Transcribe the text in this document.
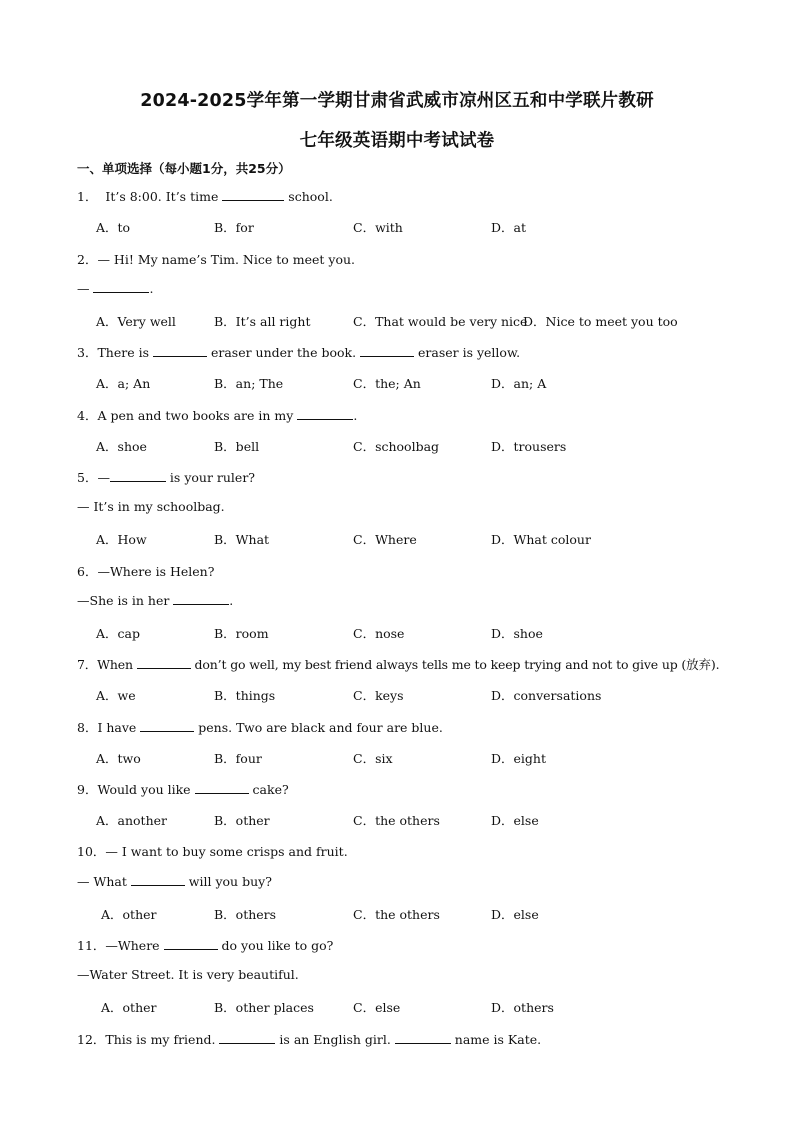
2024-2025学年第一学期甘肃省武威市凉州区五和中学联片教研
七年级英语期中考试试卷
一、单项选择（每小题1分，共25分）
1． It’s 8:00. It’s time	school.
A．to	B．for	C．with	D．at
2．— Hi! My name’s Tim. Nice to meet you.
—	.
A．Very well	B．It’s all right	C．That would be very nice
D．Nice to meet you too
3．There is	eraser under the book.	eraser is yellow.
A．a; An	B．an; The	C．the; An	D．an; A
4．A pen and two books are in my	.
A．shoe	B．bell	C．schoolbag	D．trousers
5．—	is your ruler?
— It’s in my schoolbag.
A．How	B．What	C．Where	D．What colour
6．—Where is Helen?
—She is in her	.
A．cap	B．room	C．nose	D．shoe
7．When	don’t go well, my best friend always tells me to keep trying and not to give up (放弃).
A．we	B．things	C．keys	D．conversations
8．I have	pens. Two are black and four are blue.
A．two	B．four	C．six	D．eight
9．Would you like	cake?
A．another	B．other	C．the others	D．else
10．— I want to buy some crisps and fruit.
— What	will you buy?
A．other	B．others	C．the others	D．else
11．—Where	do you like to go?
—Water Street. It is very beautiful.
A．other	B．other places	C．else	D．others
12．This is my friend.	is an English girl.	name is Kate.
